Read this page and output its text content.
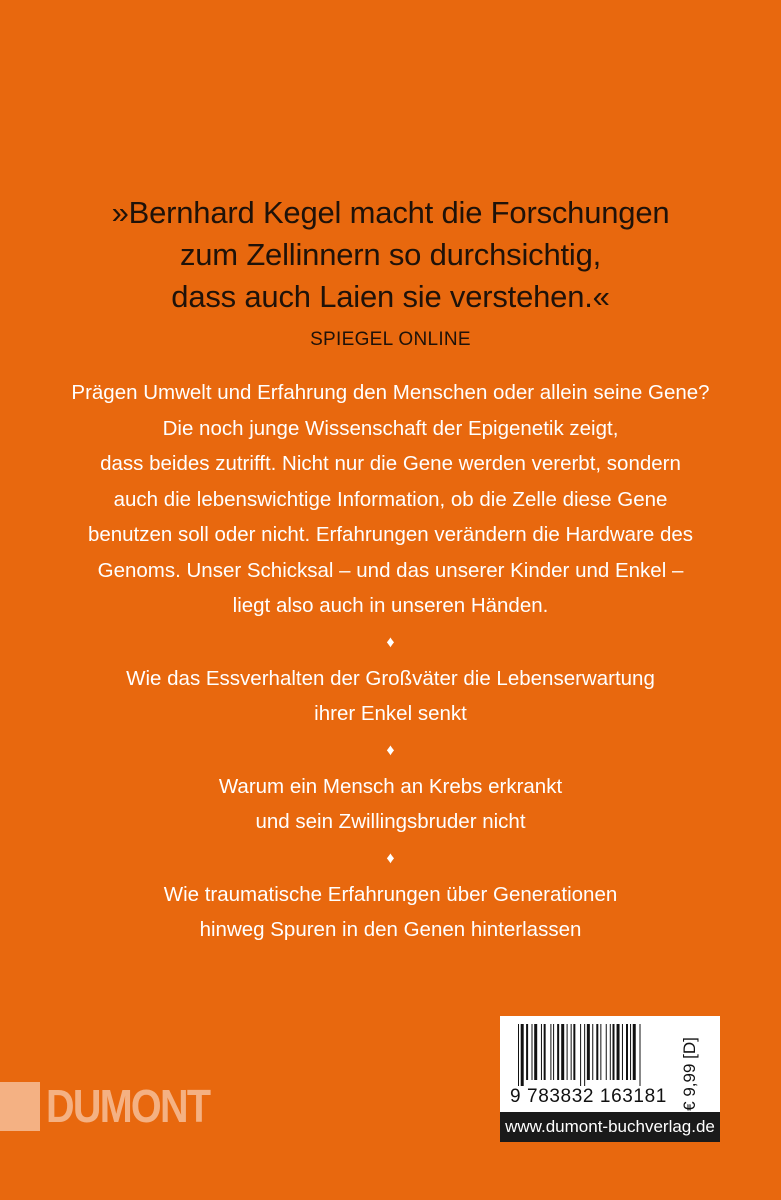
»Bernhard Kegel macht die Forschungen
zum Zellinnern so durchsichtig,
dass auch Laien sie verstehen.«
SPIEGEL ONLINE
Prägen Umwelt und Erfahrung den Menschen oder allein seine Gene?
Die noch junge Wissenschaft der Epigenetik zeigt,
dass beides zutrifft. Nicht nur die Gene werden vererbt, sondern
auch die lebenswichtige Information, ob die Zelle diese Gene
benutzen soll oder nicht. Erfahrungen verändern die Hardware des
Genoms. Unser Schicksal – und das unserer Kinder und Enkel –
liegt also auch in unseren Händen.
♦
Wie das Essverhalten der Großväter die Lebenserwartung
ihrer Enkel senkt
♦
Warum ein Mensch an Krebs erkrankt
und sein Zwillingsbruder nicht
♦
Wie traumatische Erfahrungen über Generationen
hinweg Spuren in den Genen hinterlassen
DUMONT	9 783832 163181 € 9,99 [D]
www.dumont-buchverlag.de
